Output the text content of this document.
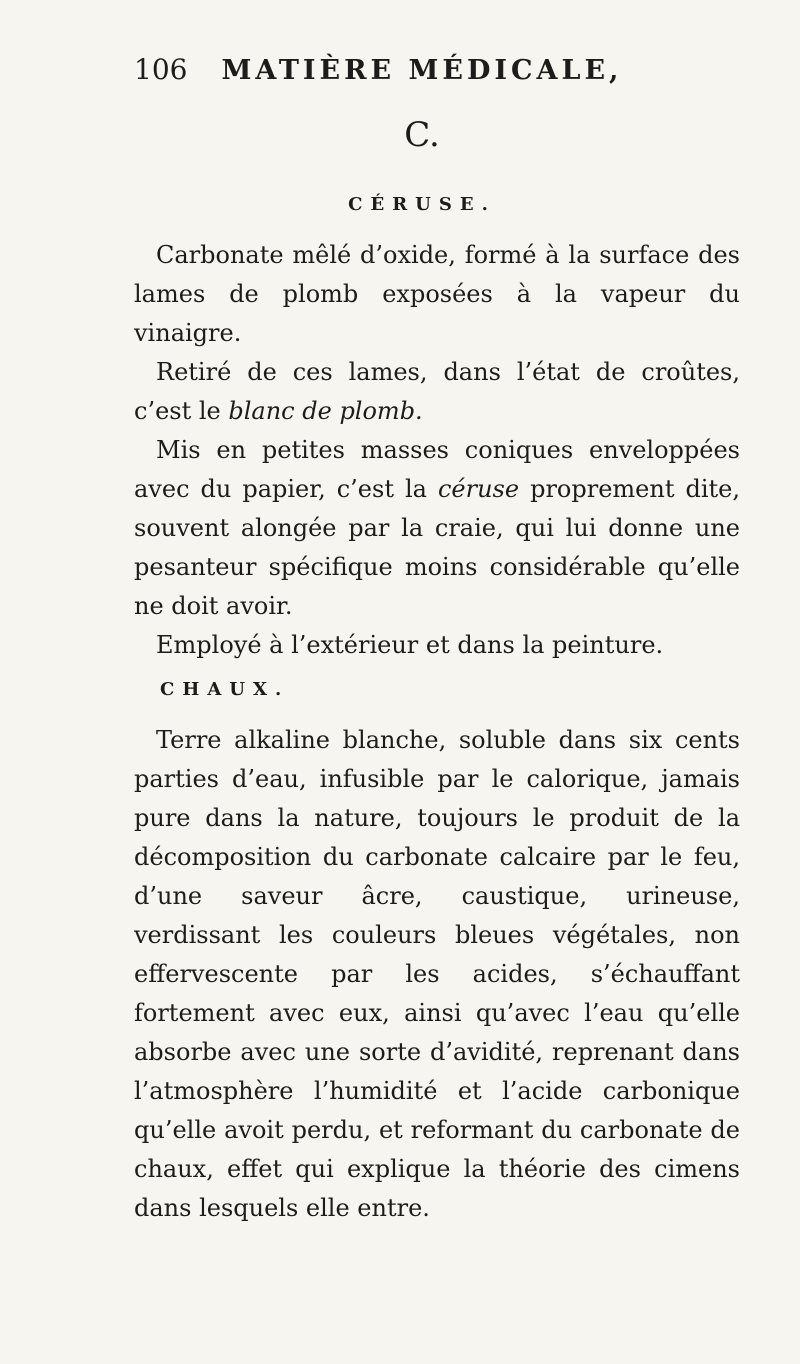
106 MATIÈRE MÉDICALE,
C.
CÉRUSE.

Carbonate mêlé d’oxide, formé à la surface des lames de plomb exposées à la vapeur du vinaigre.

Retiré de ces lames, dans l’état de croûtes, c’est le blanc de plomb.

Mis en petites masses coniques enveloppées avec du papier, c’est la céruse proprement dite, souvent alongée par la craie, qui lui donne une pesanteur spécifique moins considérable qu’elle ne doit avoir.

Employé à l’extérieur et dans la peinture.

CHAUX.

Terre alkaline blanche, soluble dans six cents parties d’eau, infusible par le calorique, jamais pure dans la nature, toujours le produit de la décomposition du carbonate calcaire par le feu, d’une saveur âcre, caustique, urineuse, verdissant les couleurs bleues végétales, non effervescente par les acides, s’échauffant fortement avec eux, ainsi qu’avec l’eau qu’elle absorbe avec une sorte d’avidité, reprenant dans l’atmosphère l’humidité et l’acide carbonique qu’elle avoit perdu, et reformant du carbonate de chaux, effet qui explique la théorie des cimens dans lesquels elle entre.
